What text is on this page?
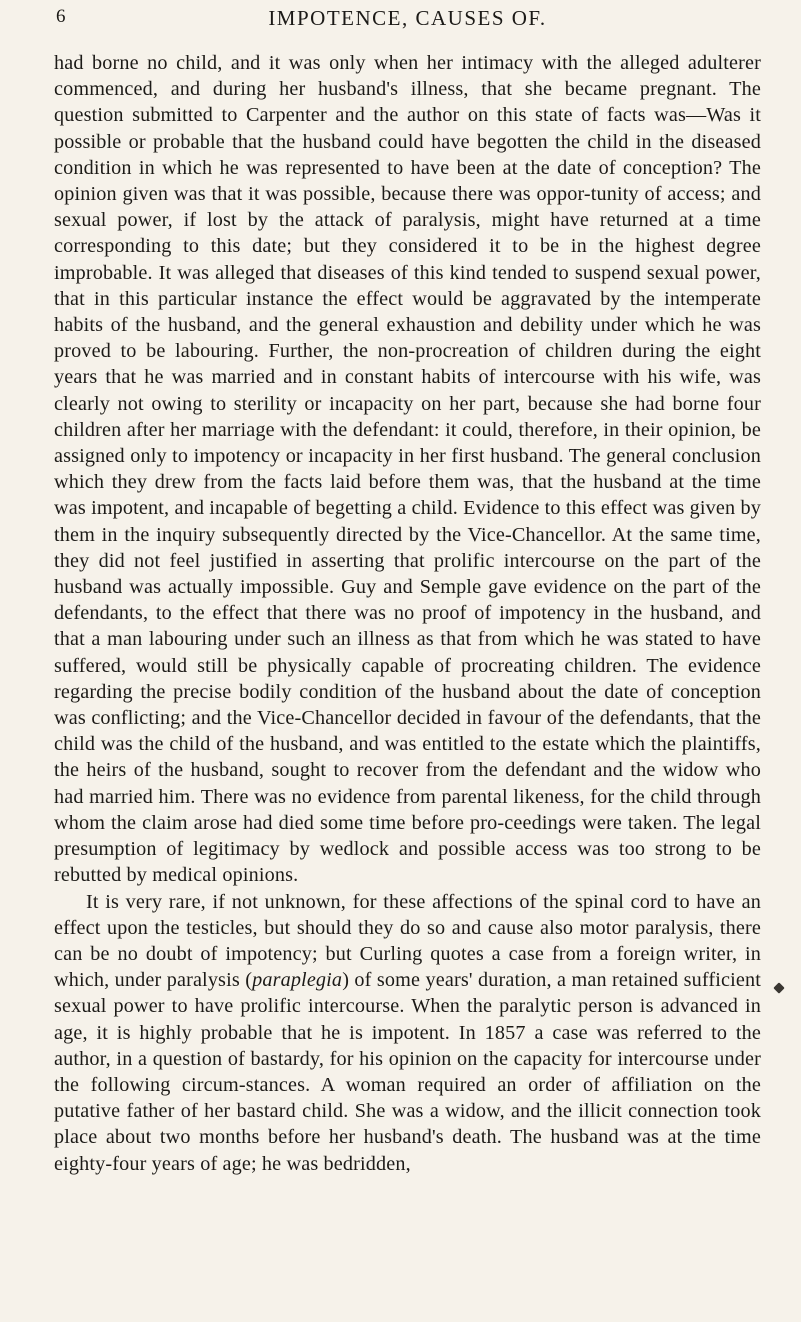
6	IMPOTENCE, CAUSES OF.

had borne no child, and it was only when her intimacy with the alleged adulterer commenced, and during her husband's illness, that she became pregnant. The question submitted to Carpenter and the author on this state of facts was—Was it possible or probable that the husband could have begotten the child in the diseased condition in which he was represented to have been at the date of conception? The opinion given was that it was possible, because there was oppor-tunity of access; and sexual power, if lost by the attack of paralysis, might have returned at a time corresponding to this date; but they considered it to be in the highest degree improbable. It was alleged that diseases of this kind tended to suspend sexual power, that in this particular instance the effect would be aggravated by the intemperate habits of the husband, and the general exhaustion and debility under which he was proved to be labouring. Further, the non-procreation of children during the eight years that he was married and in constant habits of intercourse with his wife, was clearly not owing to sterility or incapacity on her part, because she had borne four children after her marriage with the defendant: it could, therefore, in their opinion, be assigned only to impotency or incapacity in her first husband. The general conclusion which they drew from the facts laid before them was, that the husband at the time was impotent, and incapable of begetting a child. Evidence to this effect was given by them in the inquiry subsequently directed by the Vice-Chancellor. At the same time, they did not feel justified in asserting that prolific intercourse on the part of the husband was actually impossible. Guy and Semple gave evidence on the part of the defendants, to the effect that there was no proof of impotency in the husband, and that a man labouring under such an illness as that from which he was stated to have suffered, would still be physically capable of procreating children. The evidence regarding the precise bodily condition of the husband about the date of conception was conflicting; and the Vice-Chancellor decided in favour of the defendants, that the child was the child of the husband, and was entitled to the estate which the plaintiffs, the heirs of the husband, sought to recover from the defendant and the widow who had married him. There was no evidence from parental likeness, for the child through whom the claim arose had died some time before pro-ceedings were taken. The legal presumption of legitimacy by wedlock and possible access was too strong to be rebutted by medical opinions.

It is very rare, if not unknown, for these affections of the spinal cord to have an effect upon the testicles, but should they do so and cause also motor paralysis, there can be no doubt of impotency; but Curling quotes a case from a foreign writer, in which, under paralysis (paraplegia) of some years' duration, a man retained sufficient sexual power to have prolific intercourse. When the paralytic person is advanced in age, it is highly probable that he is impotent. In 1857 a case was referred to the author, in a question of bastardy, for his opinion on the capacity for intercourse under the following circum-stances. A woman required an order of affiliation on the putative father of her bastard child. She was a widow, and the illicit connection took place about two months before her husband's death. The husband was at the time eighty-four years of age; he was bedridden,
